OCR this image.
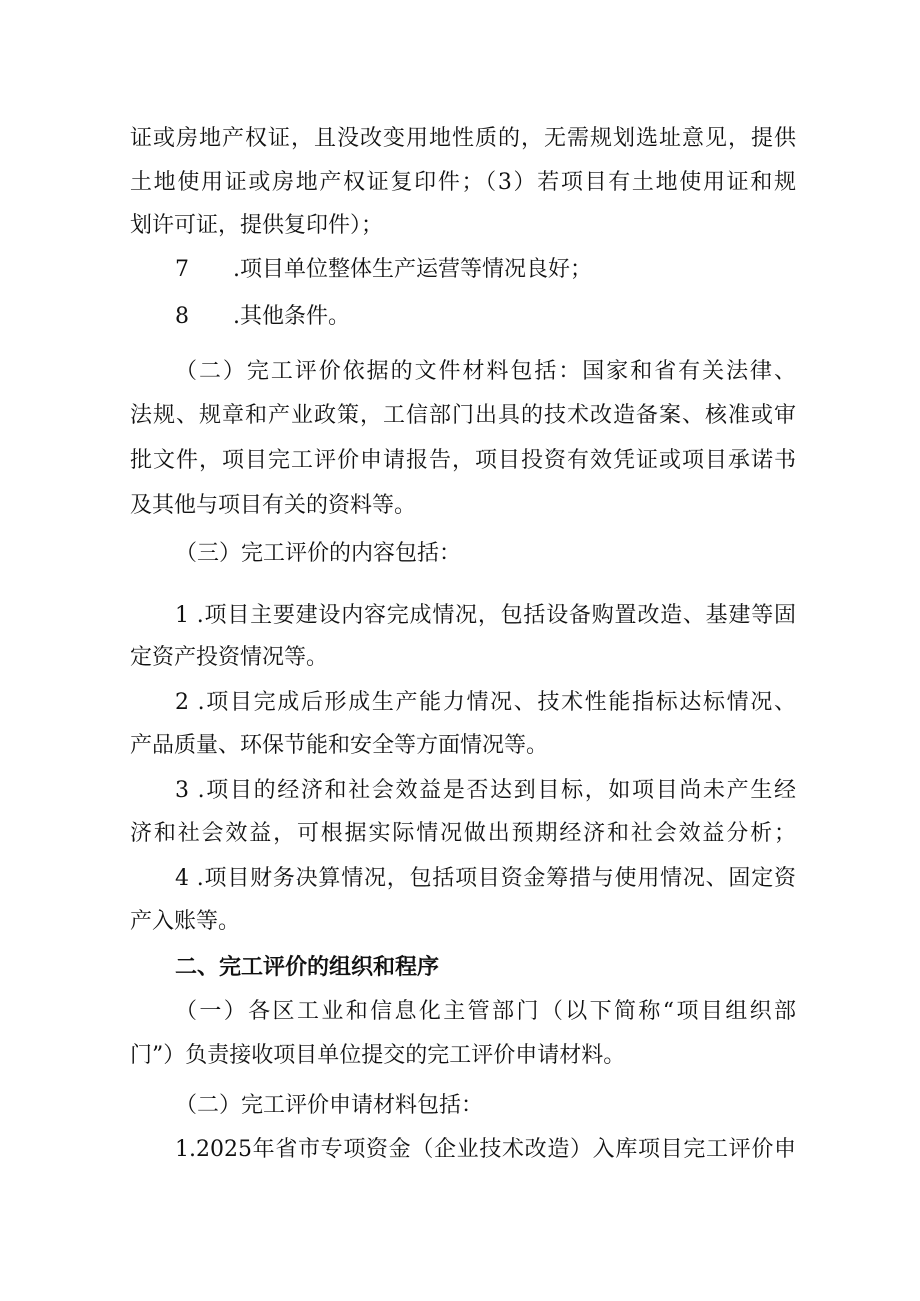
证或房地产权证，且没改变用地性质的，无需规划选址意见，提供

土地使用证或房地产权证复印件；（3）若项目有土地使用证和规

划许可证，提供复印件）；

7 .项目单位整体生产运营等情况良好；

8 .其他条件。

（二）完工评价依据的文件材料包括：国家和省有关法律、

法规、规章和产业政策，工信部门出具的技术改造备案、核准或审

批文件，项目完工评价申请报告，项目投资有效凭证或项目承诺书

及其他与项目有关的资料等。

（三）完工评价的内容包括：

1 .项目主要建设内容完成情况，包括设备购置改造、基建等固

定资产投资情况等。

2 .项目完成后形成生产能力情况、技术性能指标达标情况、

产品质量、环保节能和安全等方面情况等。

3 .项目的经济和社会效益是否达到目标，如项目尚未产生经

济和社会效益，可根据实际情况做出预期经济和社会效益分析；

4 .项目财务决算情况，包括项目资金筹措与使用情况、固定资

产入账等。

二、完工评价的组织和程序

（一）各区工业和信息化主管部门（以下简称“项目组织部

门”）负责接收项目单位提交的完工评价申请材料。

（二）完工评价申请材料包括：

1.2025年省市专项资金（企业技术改造）入库项目完工评价申
